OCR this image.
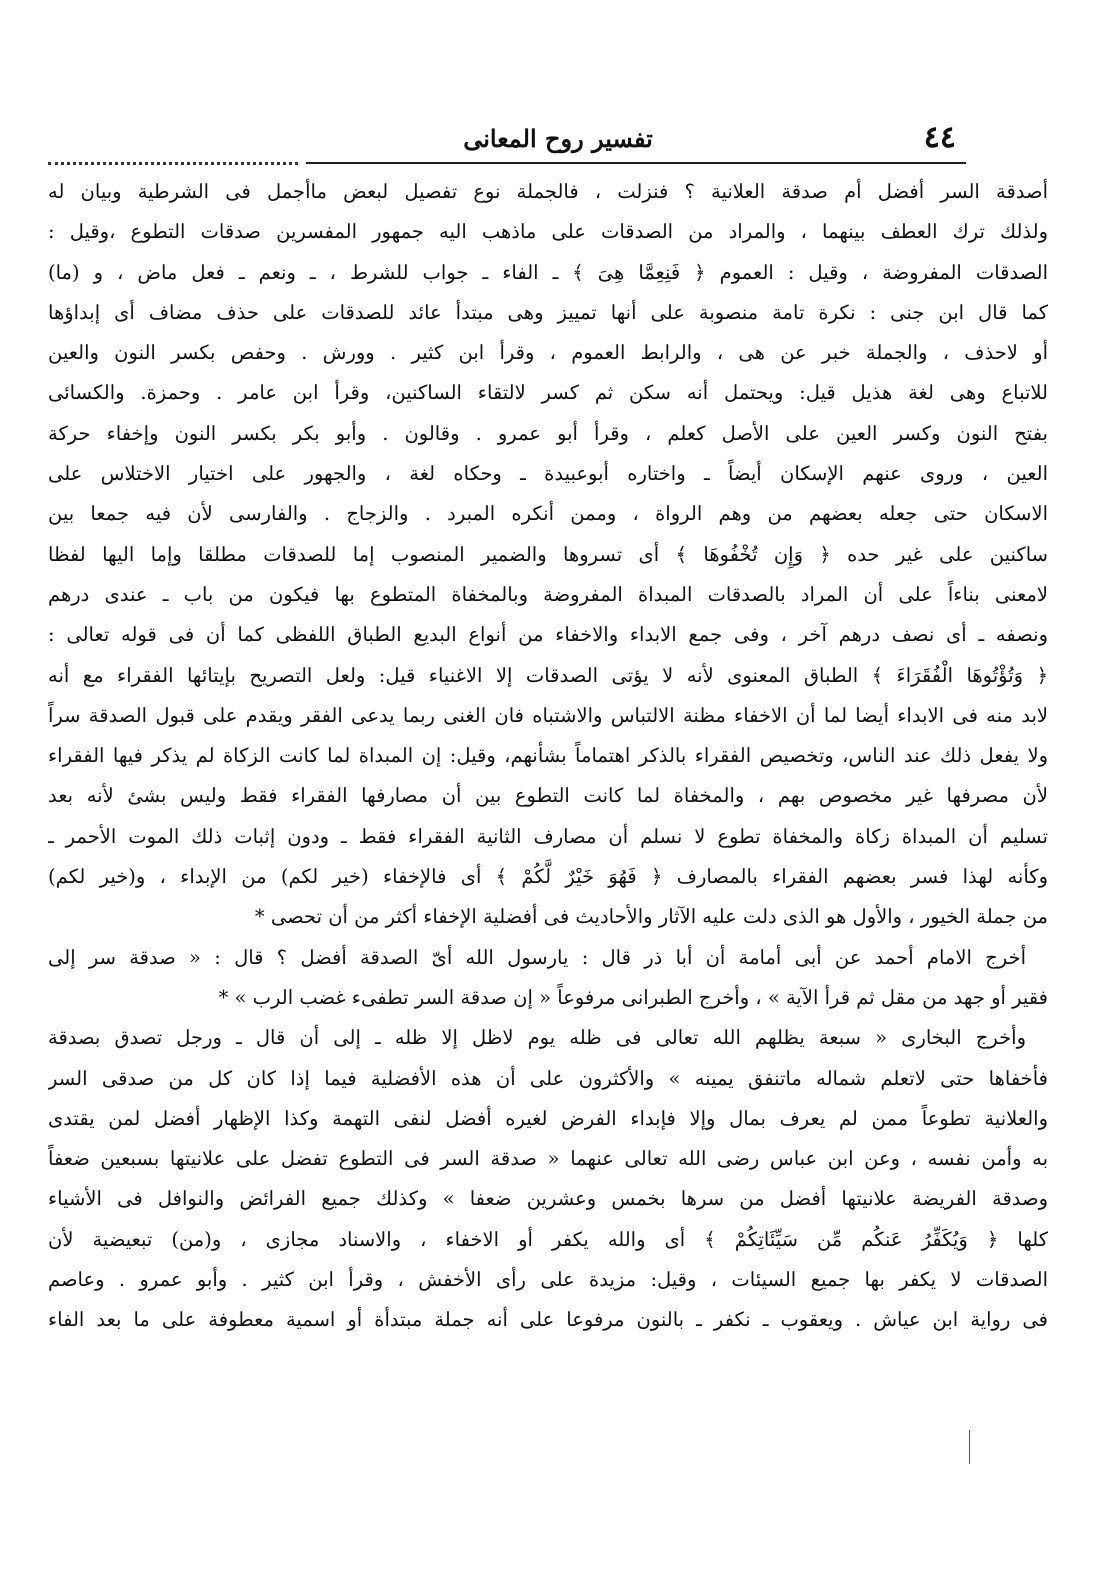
٤٤
تفسير روح المعانى
أصدقة السر أفضل أم صدقة العلانية ؟ فنزلت ، فالجملة نوع تفصيل لبعض ماأجمل فى الشرطية وبيان له
ولذلك ترك العطف بينهما ، والمراد من الصدقات على ماذهب اليه جمهور المفسرين صدقات التطوع ،وقيل :
الصدقات المفروضة ، وقيل : العموم ﴿ فَنِعِمَّا هِىَ ﴾ ـ الفاء ـ جواب للشرط ، ـ ونعم ـ فعل ماض ، و (ما)
كما قال ابن جنى : نكرة تامة منصوبة على أنها تمييز وهى مبتدأ عائد للصدقات على حذف مضاف أى إبداؤها
أو لاحذف ، والجملة خبر عن هى ، والرابط العموم ، وقرأ ابن كثير . وورش . وحفص بكسر النون والعين
للاتباع وهى لغة هذيل قيل: ويحتمل أنه سكن ثم كسر لالتقاء الساكنين، وقرأ ابن عامر . وحمزة. والكسائى
بفتح النون وكسر العين على الأصل كعلم ، وقرأ أبو عمرو . وقالون . وأبو بكر بكسر النون وإخفاء حركة
العين ، وروى عنهم الإسكان أيضاً ـ واختاره أبوعبيدة ـ وحكاه لغة ، والجهور على اختيار الاختلاس على
الاسكان حتى جعله بعضهم من وهم الرواة ، وممن أنكره المبرد . والزجاج . والفارسى لأن فيه جمعا بين
ساكنين على غير حده ﴿ وَإِن تُخْفُوهَا ﴾ أى تسروها والضمير المنصوب إما للصدقات مطلقا وإما اليها لفظا
لامعنى بناءاً على أن المراد بالصدقات المبداة المفروضة وبالمخفاة المتطوع بها فيكون من باب ـ عندى درهم
ونصفه ـ أى نصف درهم آخر ، وفى جمع الابداء والاخفاء من أنواع البديع الطباق اللفظى كما أن فى قوله تعالى :
﴿ وَتُؤْتُوهَا الْفُقَرَاءَ ﴾ الطباق المعنوى لأنه لا يؤتى الصدقات إلا الاغنياء قيل: ولعل التصريح بإيتائها الفقراء مع أنه
لابد منه فى الابداء أيضا لما أن الاخفاء مظنة الالتباس والاشتباه فان الغنى ربما يدعى الفقر ويقدم على قبول الصدقة سراً
ولا يفعل ذلك عند الناس، وتخصيص الفقراء بالذكر اهتماماً بشأنهم، وقيل: إن المبداة لما كانت الزكاة لم يذكر فيها الفقراء
لأن مصرفها غير مخصوص بهم ، والمخفاة لما كانت التطوع بين أن مصارفها الفقراء فقط وليس بشئ لأنه بعد
تسليم أن المبداة زكاة والمخفاة تطوع لا نسلم أن مصارف الثانية الفقراء فقط ـ ودون إثبات ذلك الموت الأحمر ـ
وكأنه لهذا فسر بعضهم الفقراء بالمصارف ﴿ فَهُوَ خَيْرٌ لَّكُمْ ﴾ أى فالإخفاء (خير لكم) من الإبداء ، و(خير لكم)
من جملة الخيور ، والأول هو الذى دلت عليه الآثار والأحاديث فى أفضلية الإخفاء أكثر من أن تحصى *
أخرج الامام أحمد عن أبى أمامة أن أبا ذر قال : يارسول الله أىّ الصدقة أفضل ؟ قال : « صدقة سر إلى
فقير أو جهد من مقل ثم قرأ الآية » ، وأخرج الطبرانى مرفوعاً « إن صدقة السر تطفىء غضب الرب » *
وأخرج البخارى « سبعة يظلهم الله تعالى فى ظله يوم لاظل إلا ظله ـ إلى أن قال ـ ورجل تصدق بصدقة
فأخفاها حتى لاتعلم شماله ماتنفق يمينه » والأكثرون على أن هذه الأفضلية فيما إذا كان كل من صدقى السر
والعلانية تطوعاً ممن لم يعرف بمال وإلا فإبداء الفرض لغيره أفضل لنفى التهمة وكذا الإظهار أفضل لمن يقتدى
به وأمن نفسه ، وعن ابن عباس رضى الله تعالى عنهما « صدقة السر فى التطوع تفضل على علانيتها بسبعين ضعفاً
وصدقة الفريضة علانيتها أفضل من سرها بخمس وعشرين ضعفا » وكذلك جميع الفرائض والنوافل فى الأشياء
كلها ﴿ وَيُكَفِّرُ عَنكُم مِّن سَيِّئَاتِكُمْ ﴾ أى والله يكفر أو الاخفاء ، والاسناد مجازى ، و(من) تبعيضية لأن
الصدقات لا يكفر بها جميع السيئات ، وقيل: مزيدة على رأى الأخفش ، وقرأ ابن كثير . وأبو عمرو . وعاصم
فى رواية ابن عياش . ويعقوب ـ نكفر ـ بالنون مرفوعا على أنه جملة مبتدأة أو اسمية معطوفة على ما بعد الفاء
